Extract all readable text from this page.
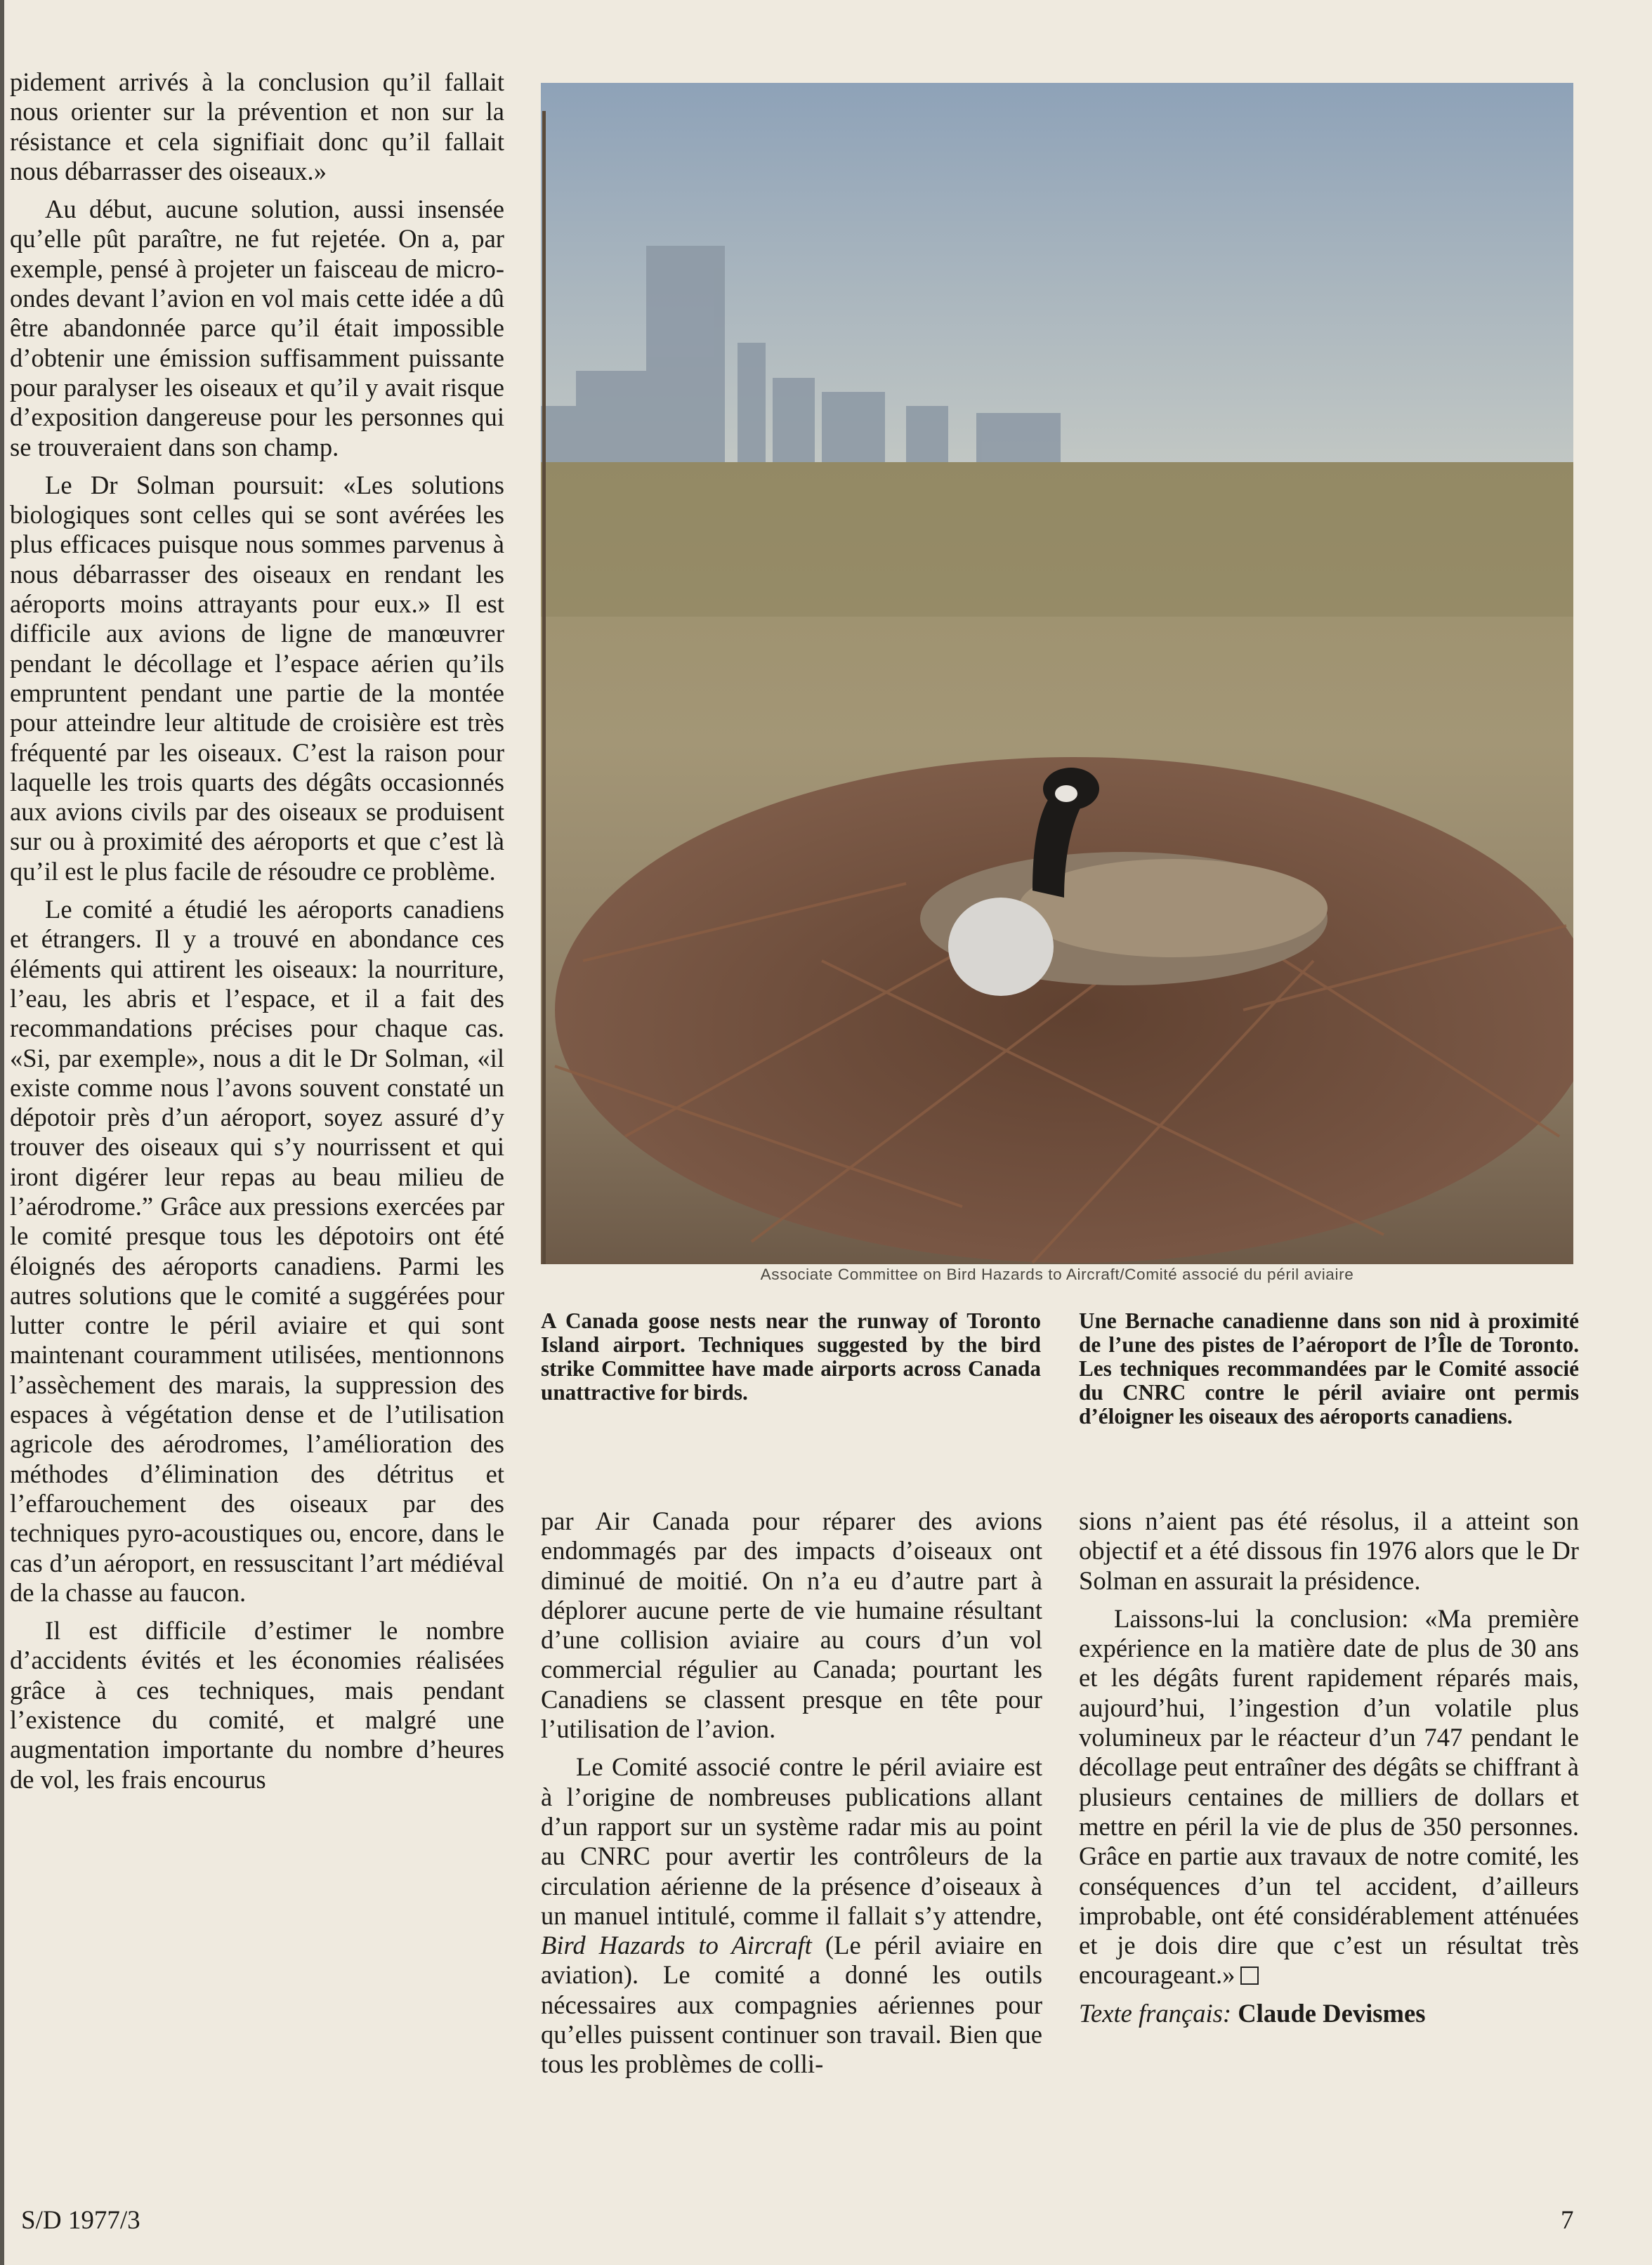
pidement arrivés à la conclusion qu’il fallait nous orienter sur la prévention et non sur la résistance et cela signifiait donc qu’il fallait nous débarrasser des oiseaux.»

Au début, aucune solution, aussi insensée qu’elle pût paraître, ne fut rejetée. On a, par exemple, pensé à projeter un faisceau de micro-ondes devant l’avion en vol mais cette idée a dû être abandonnée parce qu’il était impossible d’obtenir une émission suffisamment puissante pour paralyser les oiseaux et qu’il y avait risque d’exposition dangereuse pour les personnes qui se trouveraient dans son champ.

Le Dr Solman poursuit: «Les solutions biologiques sont celles qui se sont avérées les plus efficaces puisque nous sommes parvenus à nous débarrasser des oiseaux en rendant les aéroports moins attrayants pour eux.» Il est difficile aux avions de ligne de manœuvrer pendant le décollage et l’espace aérien qu’ils empruntent pendant une partie de la montée pour atteindre leur altitude de croisière est très fréquenté par les oiseaux. C’est la raison pour laquelle les trois quarts des dégâts occasionnés aux avions civils par des oiseaux se produisent sur ou à proximité des aéroports et que c’est là qu’il est le plus facile de résoudre ce problème.

Le comité a étudié les aéroports canadiens et étrangers. Il y a trouvé en abondance ces éléments qui attirent les oiseaux: la nourriture, l’eau, les abris et l’espace, et il a fait des recommandations précises pour chaque cas. «Si, par exemple», nous a dit le Dr Solman, «il existe comme nous l’avons souvent constaté un dépotoir près d’un aéroport, soyez assuré d’y trouver des oiseaux qui s’y nourrissent et qui iront digérer leur repas au beau milieu de l’aérodrome.” Grâce aux pressions exercées par le comité presque tous les dépotoirs ont été éloignés des aéroports canadiens. Parmi les autres solutions que le comité a suggérées pour lutter contre le péril aviaire et qui sont maintenant couramment utilisées, mentionnons l’assèchement des marais, la suppression des espaces à végétation dense et de l’utilisation agricole des aérodromes, l’amélioration des méthodes d’élimination des détritus et l’effarouchement des oiseaux par des techniques pyro-acoustiques ou, encore, dans le cas d’un aéroport, en ressuscitant l’art médiéval de la chasse au faucon.

Il est difficile d’estimer le nombre d’accidents évités et les économies réalisées grâce à ces techniques, mais pendant l’existence du comité, et malgré une augmentation importante du nombre d’heures de vol, les frais encourus

Associate Committee on Bird Hazards to Aircraft/Comité associé du péril aviaire
A Canada goose nests near the runway of Toronto Island airport. Techniques suggested by the bird strike Committee have made airports across Canada unattractive for birds.
Une Bernache canadienne dans son nid à proximité de l’une des pistes de l’aéroport de l’Île de Toronto. Les techniques recommandées par le Comité associé du CNRC contre le péril aviaire ont permis d’éloigner les oiseaux des aéroports canadiens.

par Air Canada pour réparer des avions endommagés par des impacts d’oiseaux ont diminué de moitié. On n’a eu d’autre part à déplorer aucune perte de vie humaine résultant d’une collision aviaire au cours d’un vol commercial régulier au Canada; pourtant les Canadiens se classent presque en tête pour l’utilisation de l’avion.

Le Comité associé contre le péril aviaire est à l’origine de nombreuses publications allant d’un rapport sur un système radar mis au point au CNRC pour avertir les contrôleurs de la circulation aérienne de la présence d’oiseaux à un manuel intitulé, comme il fallait s’y attendre, Bird Hazards to Aircraft (Le péril aviaire en aviation). Le comité a donné les outils nécessaires aux compagnies aériennes pour qu’elles puissent continuer son travail. Bien que tous les problèmes de colli-

sions n’aient pas été résolus, il a atteint son objectif et a été dissous fin 1976 alors que le Dr Solman en assurait la présidence.

Laissons-lui la conclusion: «Ma première expérience en la matière date de plus de 30 ans et les dégâts furent rapidement réparés mais, aujourd’hui, l’ingestion d’un volatile plus volumineux par le réacteur d’un 747 pendant le décollage peut entraîner des dégâts se chiffrant à plusieurs centaines de milliers de dollars et mettre en péril la vie de plus de 350 personnes. Grâce en partie aux travaux de notre comité, les conséquences d’un tel accident, d’ailleurs improbable, ont été considérablement atténuées et je dois dire que c’est un résultat très encourageant.»

Texte français: Claude Devismes

S/D 1977/3	7
